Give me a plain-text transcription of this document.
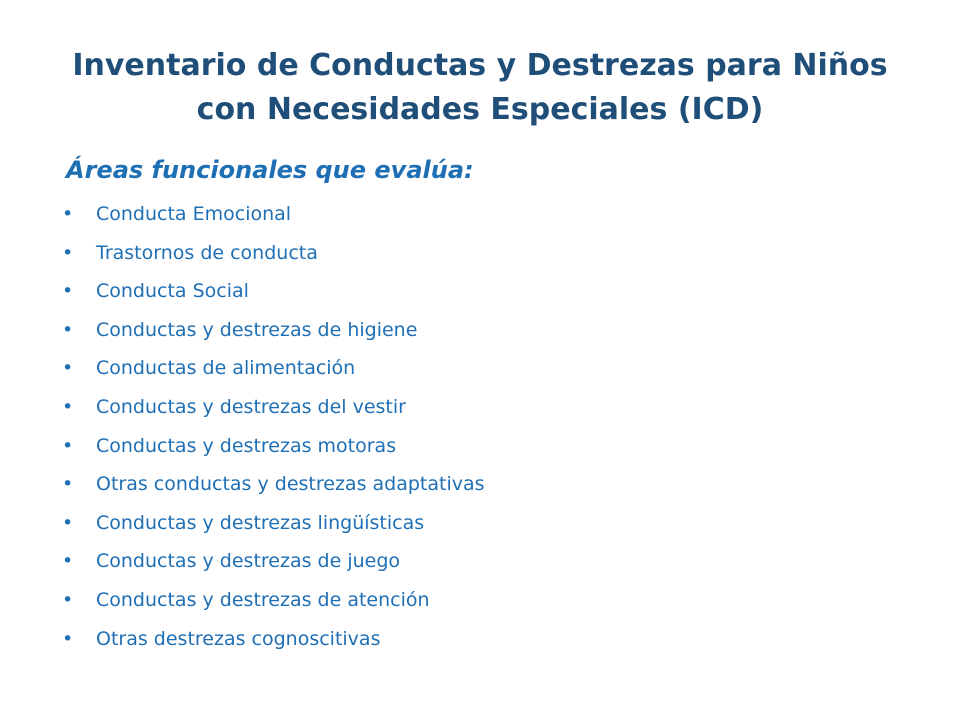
Inventario de Conductas y Destrezas para Niños con Necesidades Especiales (ICD)

Áreas funcionales que evalúa:

• Conducta Emocional
• Trastornos de conducta
• Conducta Social
• Conductas y destrezas de higiene
• Conductas de alimentación
• Conductas y destrezas del vestir
• Conductas y destrezas motoras
• Otras conductas y destrezas adaptativas
• Conductas y destrezas lingüísticas
• Conductas y destrezas de juego
• Conductas y destrezas de atención
• Otras destrezas cognoscitivas
